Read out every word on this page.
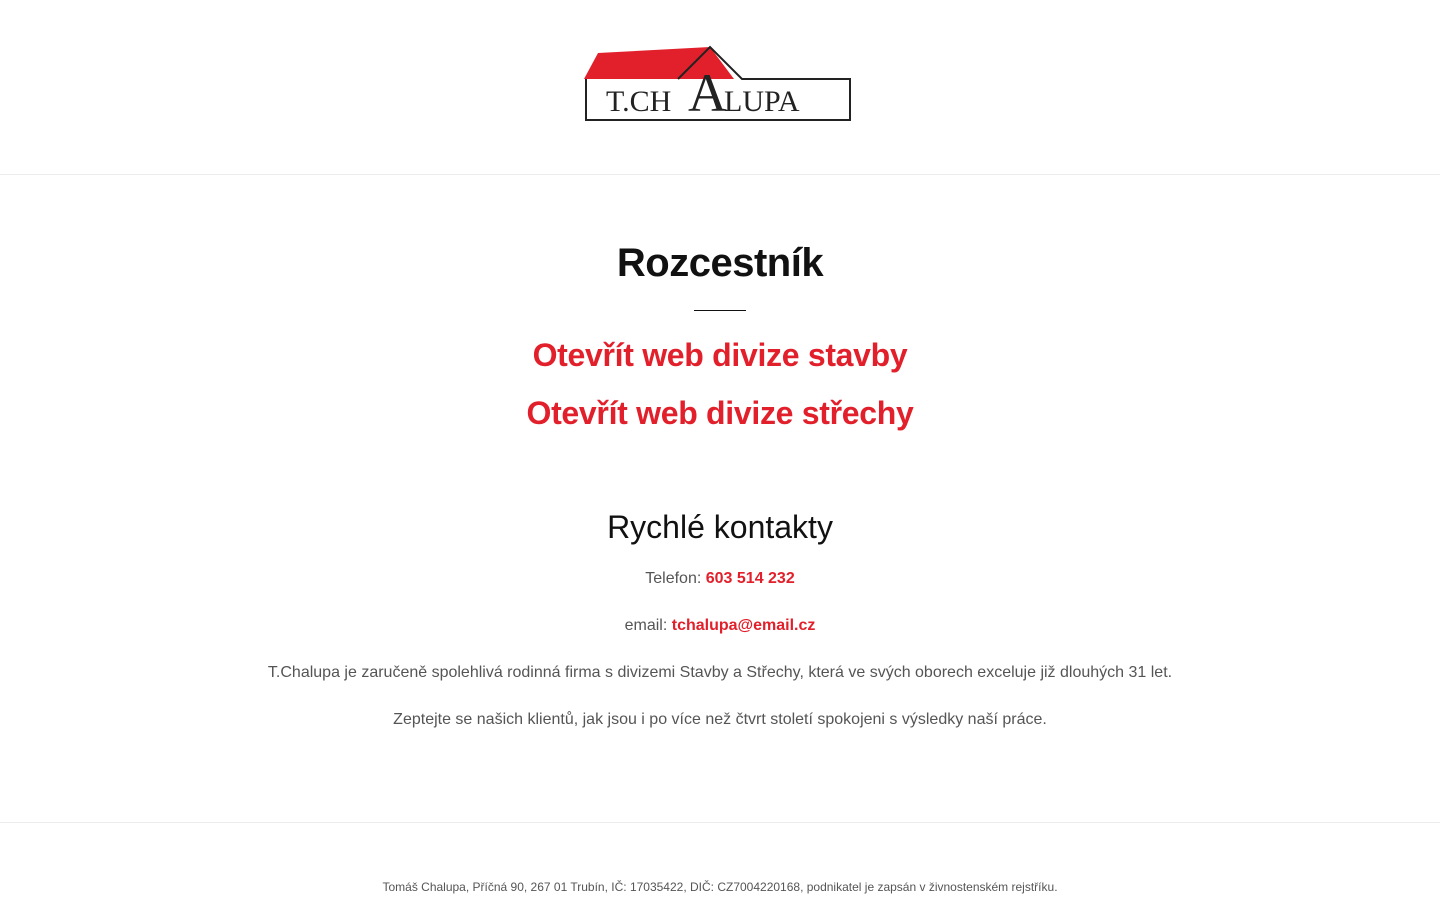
T.CH A
LUPA
Rozcestník
Otevřít web divize stavby
Otevřít web divize střechy
Rychlé kontakty

Telefon: 603 514 232

email: tchalupa@email.cz

T.Chalupa je zaručeně spolehlivá rodinná firma s divizemi Stavby a Střechy, která ve svých oborech exceluje již dlouhých 31 let.

Zeptejte se našich klientů, jak jsou i po více než čtvrt století spokojeni s výsledky naší práce.

Tomáš Chalupa, Příčná 90, 267 01 Trubín, IČ: 17035422, DIČ: CZ7004220168, podnikatel je zapsán v živnostenském rejstříku.
